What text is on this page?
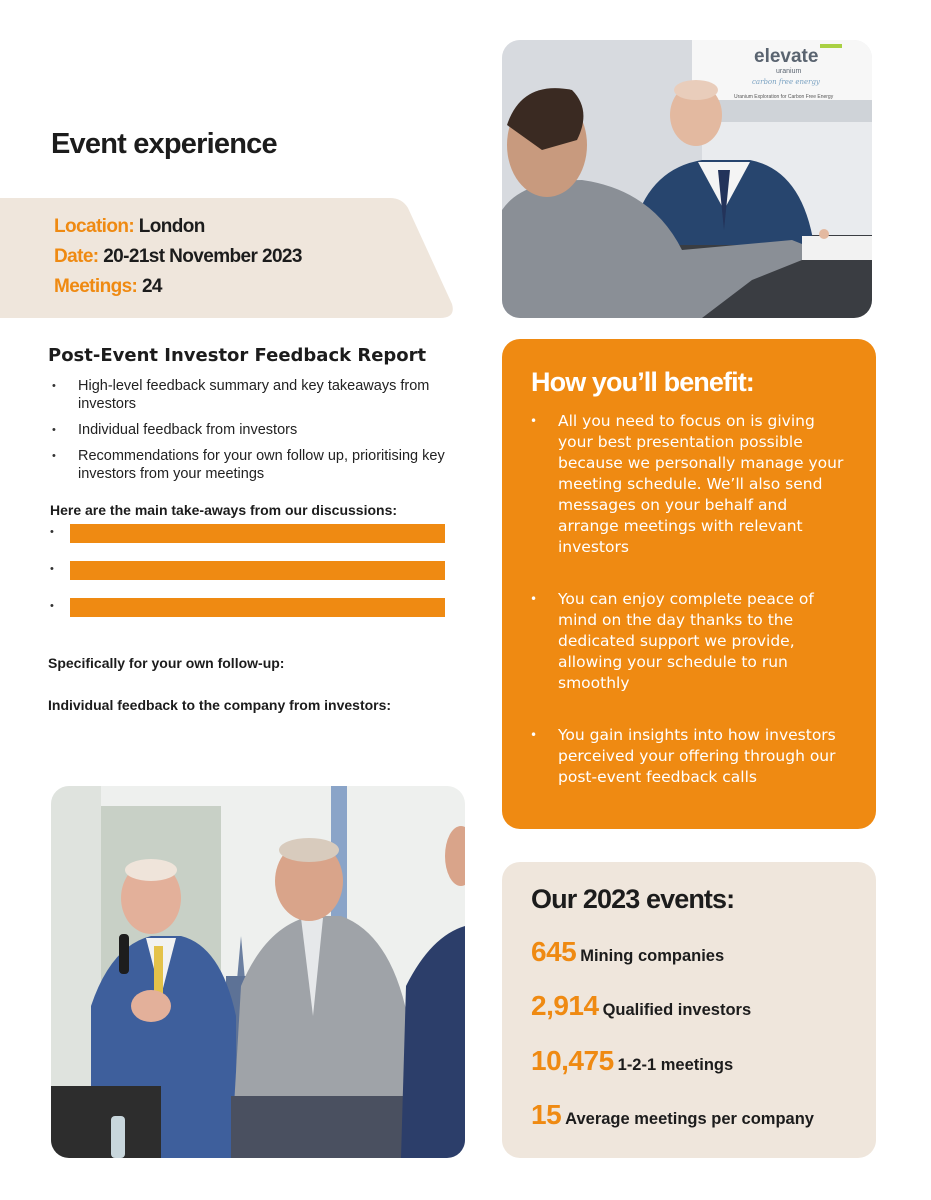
Event experience
Location: London
Date: 20-21st November 2023
Meetings: 24
elevate
uranium
carbon free energy
Uranium Exploration for Carbon Free Energy
Post-Event Investor Feedback Report
• High-level feedback summary and key takeaways from investors
• Individual feedback from investors
• Recommendations for your own follow up, prioritising key investors from your meetings
Here are the main take-aways from our discussions:
•
•
•
Specifically for your own follow-up:
Individual feedback to the company from investors:
How you’ll benefit:
• All you need to focus on is giving your best presentation possible because we personally manage your meeting schedule. We’ll also send messages on your behalf and arrange meetings with relevant investors
• You can enjoy complete peace of mind on the day thanks to the dedicated support we provide, allowing your schedule to run smoothly
• You gain insights into how investors perceived your offering through our post-event feedback calls
Our 2023 events:
645 Mining companies
2,914 Qualified investors
10,475 1-2-1 meetings
15 Average meetings per company
